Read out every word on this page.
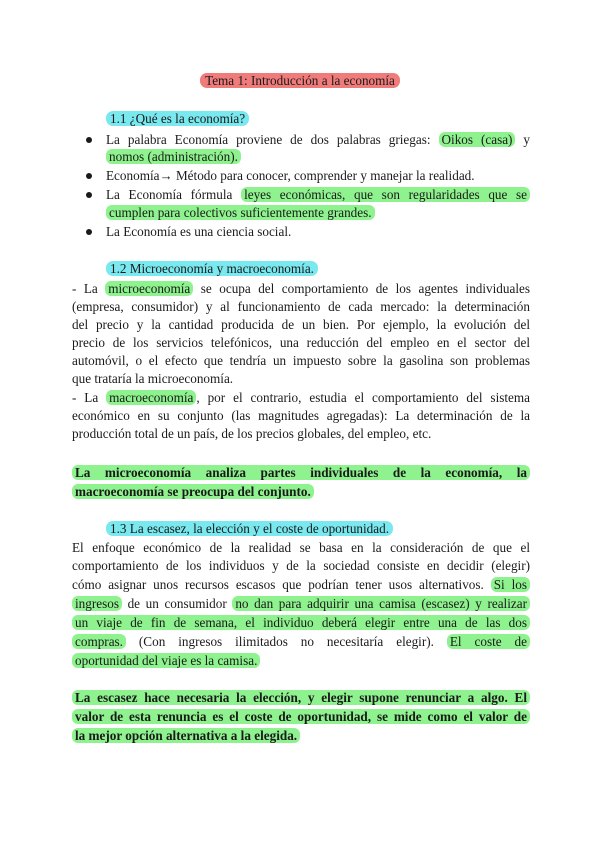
Tema 1: Introducción a la economía
1.1 ¿Qué es la economía?
La palabra Economía proviene de dos palabras griegas: Oikos (casa) y
nomos (administración).
Economía→ Método para conocer, comprender y manejar la realidad.
La Economía fórmula leyes económicas, que son regularidades que se
cumplen para colectivos suficientemente grandes.
La Economía es una ciencia social.
1.2 Microeconomía y macroeconomía.
- La microeconomía se ocupa del comportamiento de los agentes individuales
(empresa, consumidor) y al funcionamiento de cada mercado: la determinación
del precio y la cantidad producida de un bien. Por ejemplo, la evolución del
precio de los servicios telefónicos, una reducción del empleo en el sector del
automóvil, o el efecto que tendría un impuesto sobre la gasolina son problemas
que trataría la microeconomía.
- La macroeconomía , por el contrario, estudia el comportamiento del sistema
económico en su conjunto (las magnitudes agregadas): La determinación de la
producción total de un país, de los precios globales, del empleo, etc.
La microeconomía analiza partes individuales de la economía, la
macroeconomía se preocupa del conjunto.
1.3 La escasez, la elección y el coste de oportunidad.
El enfoque económico de la realidad se basa en la consideración de que el
comportamiento de los individuos y de la sociedad consiste en decidir (elegir)
cómo asignar unos recursos escasos que podrían tener usos alternativos. Si los
ingresos de un consumidor no dan para adquirir una camisa (escasez) y realizar
un viaje de fin de semana, el individuo deberá elegir entre una de las dos
compras. (Con ingresos ilimitados no necesitaría elegir). El coste de
oportunidad del viaje es la camisa.
La escasez hace necesaria la elección, y elegir supone renunciar a algo. El
valor de esta renuncia es el coste de oportunidad, se mide como el valor de
la mejor opción alternativa a la elegida.
